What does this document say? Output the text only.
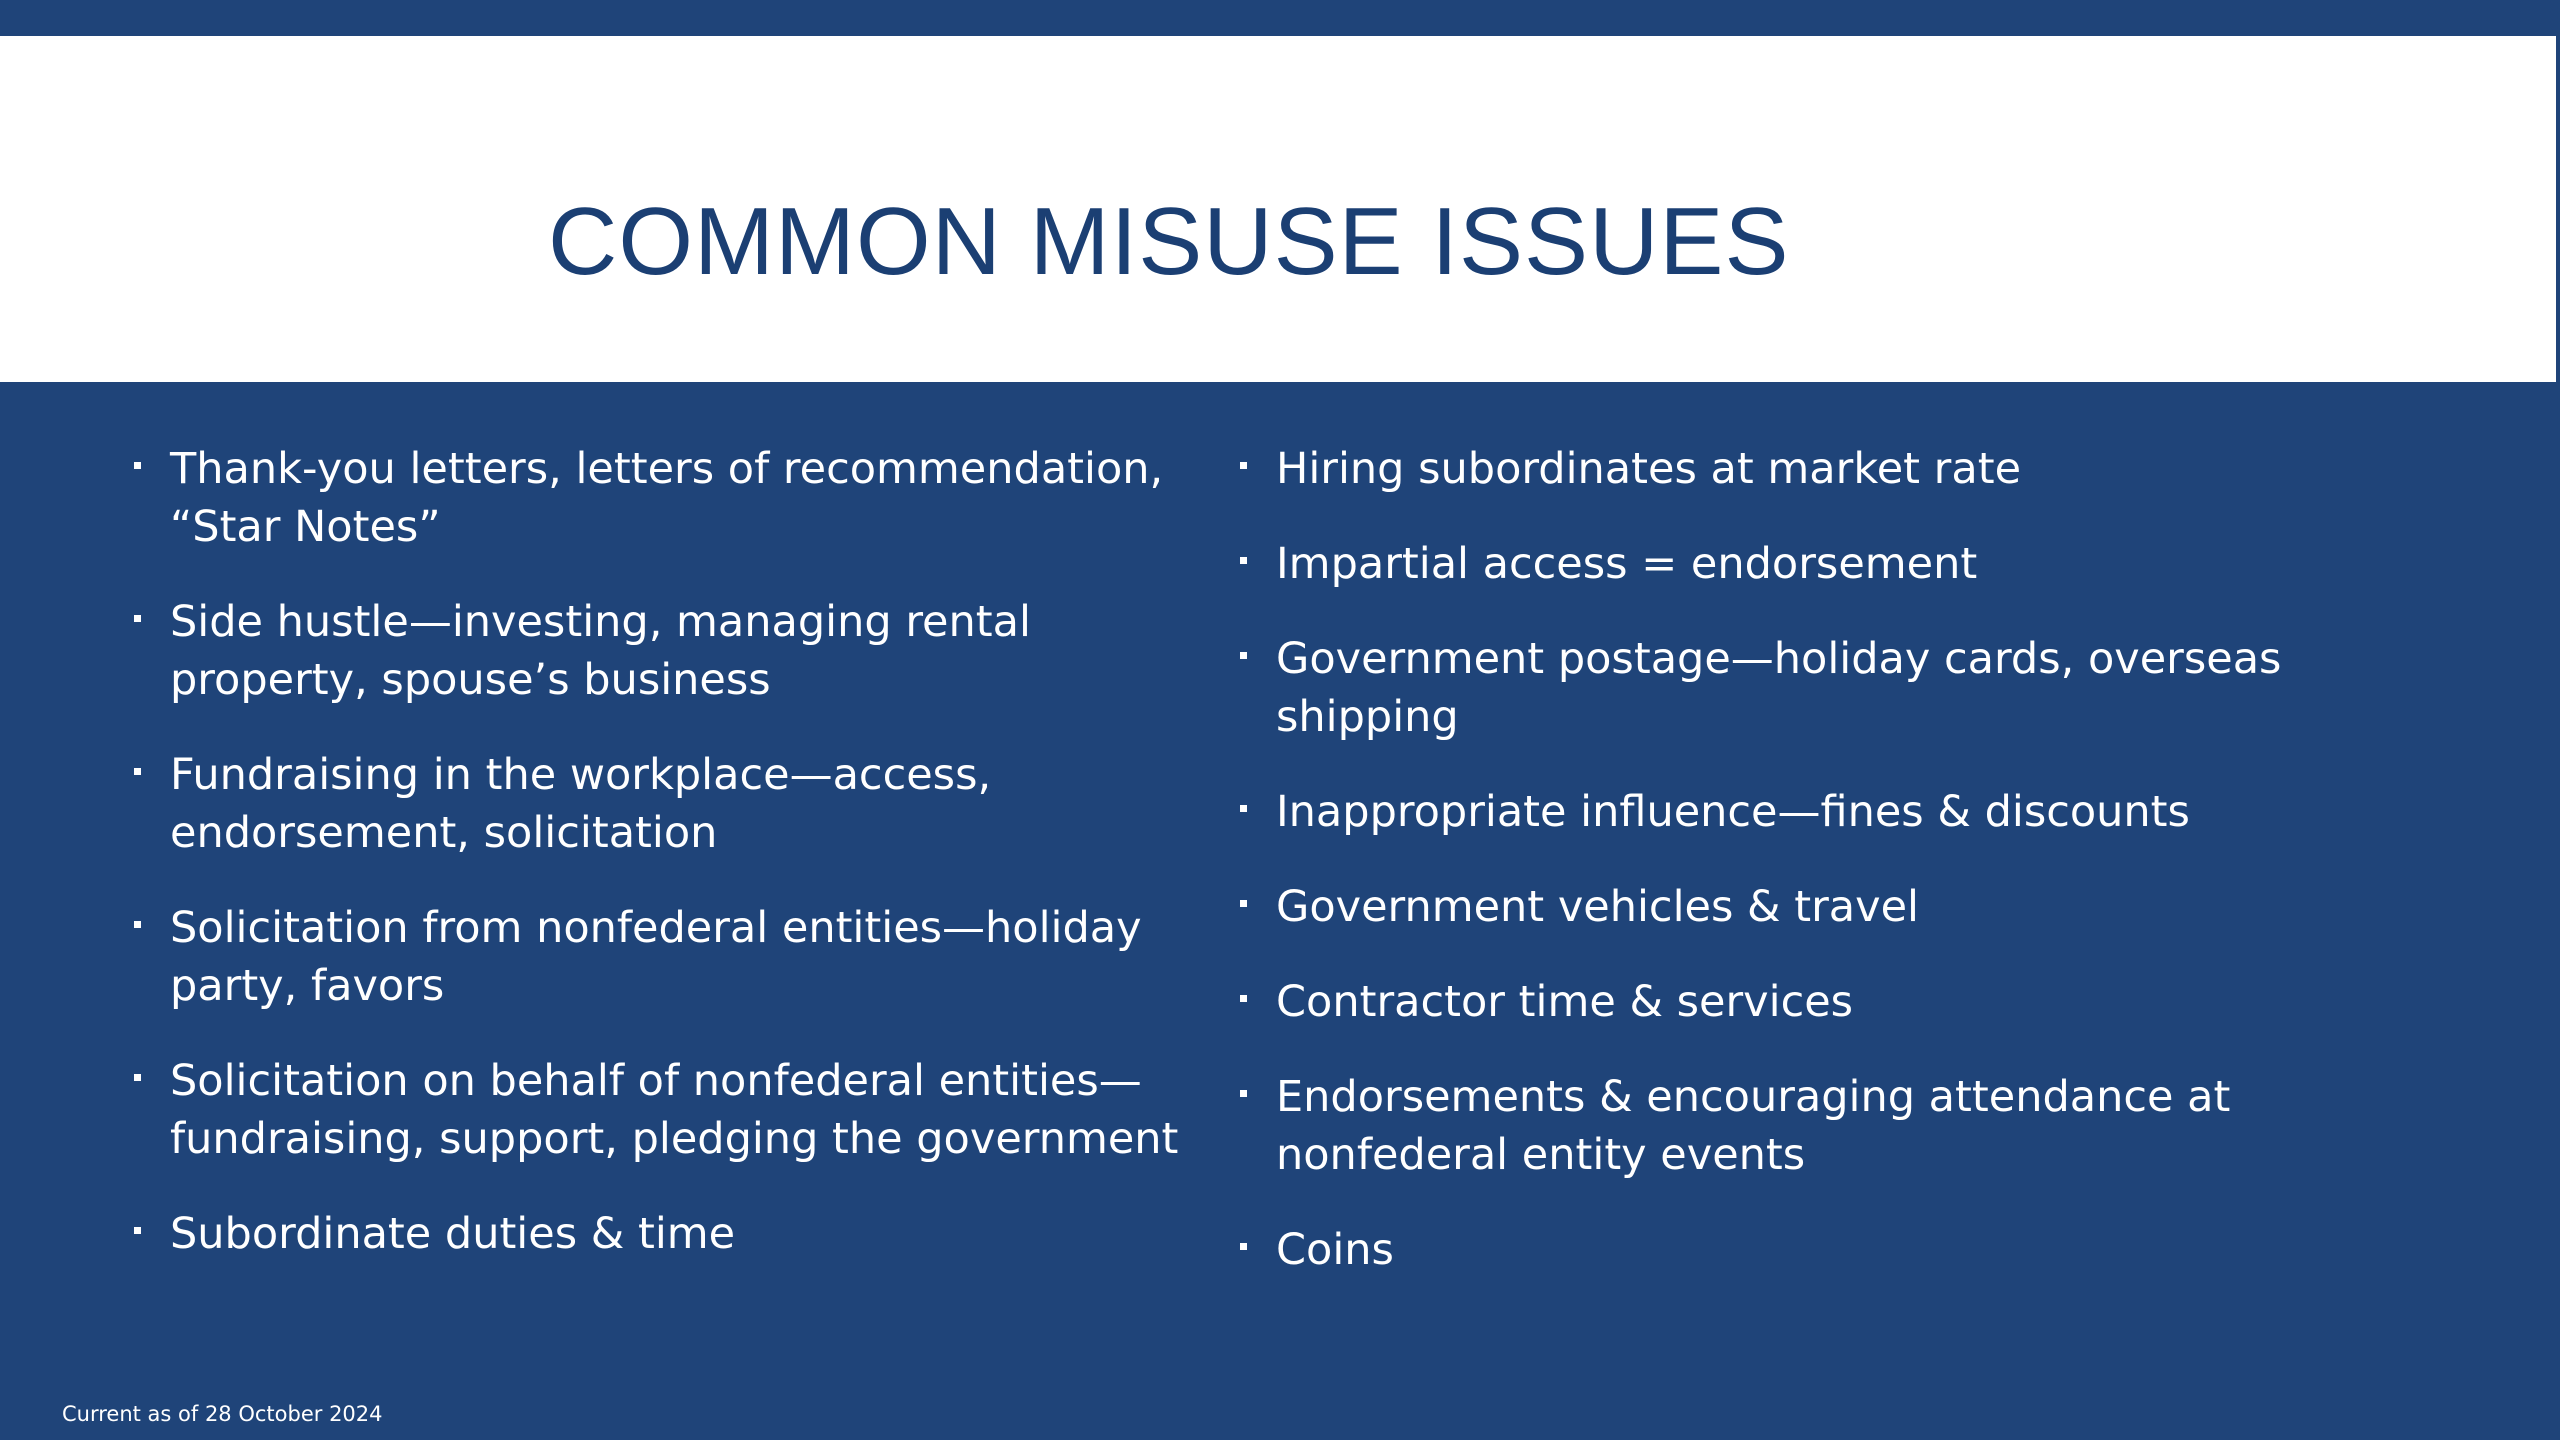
COMMON MISUSE ISSUES
Thank-you letters, letters of recommendation, “Star Notes”
Side hustle—investing, managing rental property, spouse’s business
Fundraising in the workplace—access, endorsement, solicitation
Solicitation from nonfederal entities—holiday party, favors
Solicitation on behalf of nonfederal entities—fundraising, support, pledging the government
Subordinate duties & time
Hiring subordinates at market rate
Impartial access = endorsement
Government postage—holiday cards, overseas shipping
Inappropriate influence—fines & discounts
Government vehicles & travel
Contractor time & services
Endorsements & encouraging attendance at nonfederal entity events
Coins
Current as of 28 October 2024
